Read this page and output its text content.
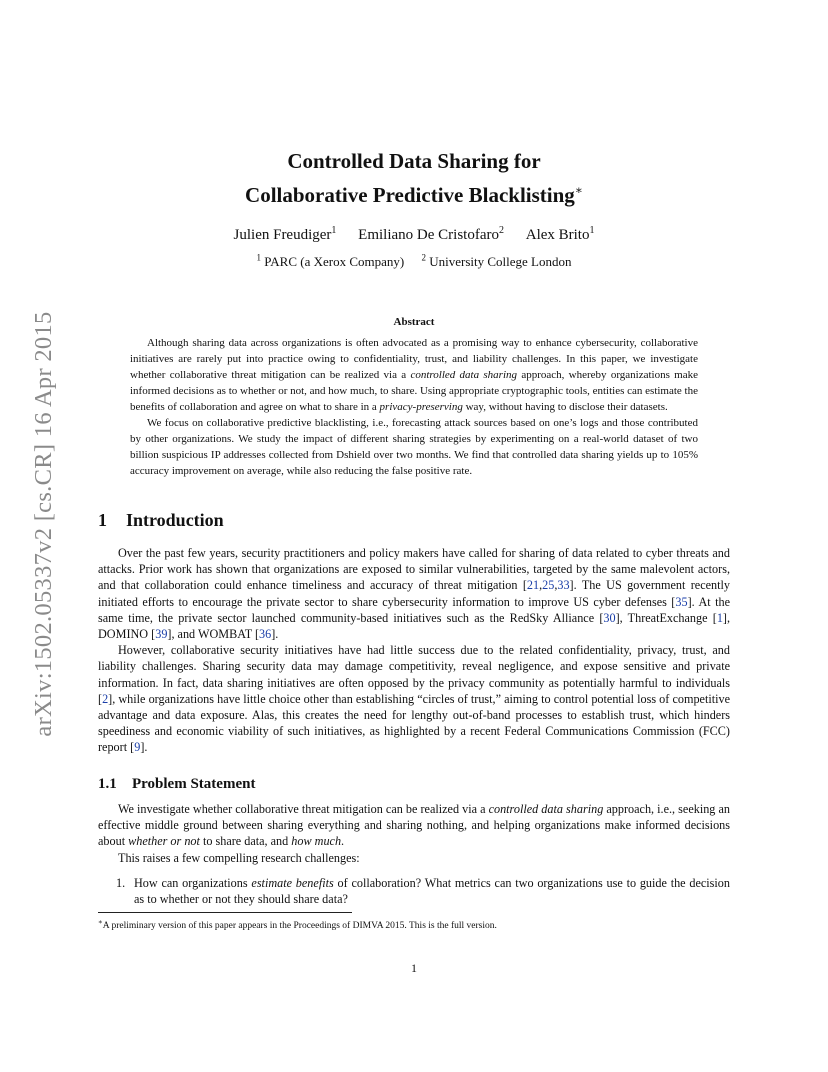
arXiv:1502.05337v2 [cs.CR] 16 Apr 2015
Controlled Data Sharing for
Collaborative Predictive Blacklisting∗
Julien Freudiger$^1$ Emiliano De Cristofaro$^2$ Alex Brito$^1$
$^1$ PARC (a Xerox Company) $^2$ University College London
Abstract

Although sharing data across organizations is often advocated as a promising way to enhance cybersecurity, collaborative initiatives are rarely put into practice owing to confidentiality, trust, and liability challenges. In this paper, we investigate whether collaborative threat mitigation can be realized via a controlled data sharing approach, whereby organizations make informed decisions as to whether or not, and how much, to share. Using appropriate cryptographic tools, entities can estimate the benefits of collaboration and agree on what to share in a privacy-preserving way, without having to disclose their datasets.

We focus on collaborative predictive blacklisting, i.e., forecasting attack sources based on one’s logs and those contributed by other organizations. We study the impact of different sharing strategies by experimenting on a real-world dataset of two billion suspicious IP addresses collected from Dshield over two months. We find that controlled data sharing yields up to 105% accuracy improvement on average, while also reducing the false positive rate.

1 Introduction

Over the past few years, security practitioners and policy makers have called for sharing of data related to cyber threats and attacks. Prior work has shown that organizations are exposed to similar vulnerabilities, targeted by the same malevolent actors, and that collaboration could enhance timeliness and accuracy of threat mitigation [21,25,33]. The US government recently initiated efforts to encourage the private sector to share cybersecurity information to improve US cyber defenses [35]. At the same time, the private sector launched community-based initiatives such as the RedSky Alliance [30], ThreatExchange [1], DOMINO [39], and WOMBAT [36].

However, collaborative security initiatives have had little success due to the related confidentiality, privacy, trust, and liability challenges. Sharing security data may damage competitivity, reveal negligence, and expose sensitive and private information. In fact, data sharing initiatives are often opposed by the privacy community as potentially harmful to individuals [2], while organizations have little choice other than establishing “circles of trust,” aiming to control potential loss of competitive advantage and data exposure. Alas, this creates the need for lengthy out-of-band processes to establish trust, which hinders speediness and economic viability of such initiatives, as highlighted by a recent Federal Communications Commission (FCC) report [9].

1.1 Problem Statement

We investigate whether collaborative threat mitigation can be realized via a controlled data sharing approach, i.e., seeking an effective middle ground between sharing everything and sharing nothing, and helping organizations make informed decisions about whether or not to share data, and how much.

This raises a few compelling research challenges:

1. How can organizations estimate benefits of collaboration? What metrics can two organizations use to guide the decision as to whether or not they should share data?
∗A preliminary version of this paper appears in the Proceedings of DIMVA 2015. This is the full version.
1
